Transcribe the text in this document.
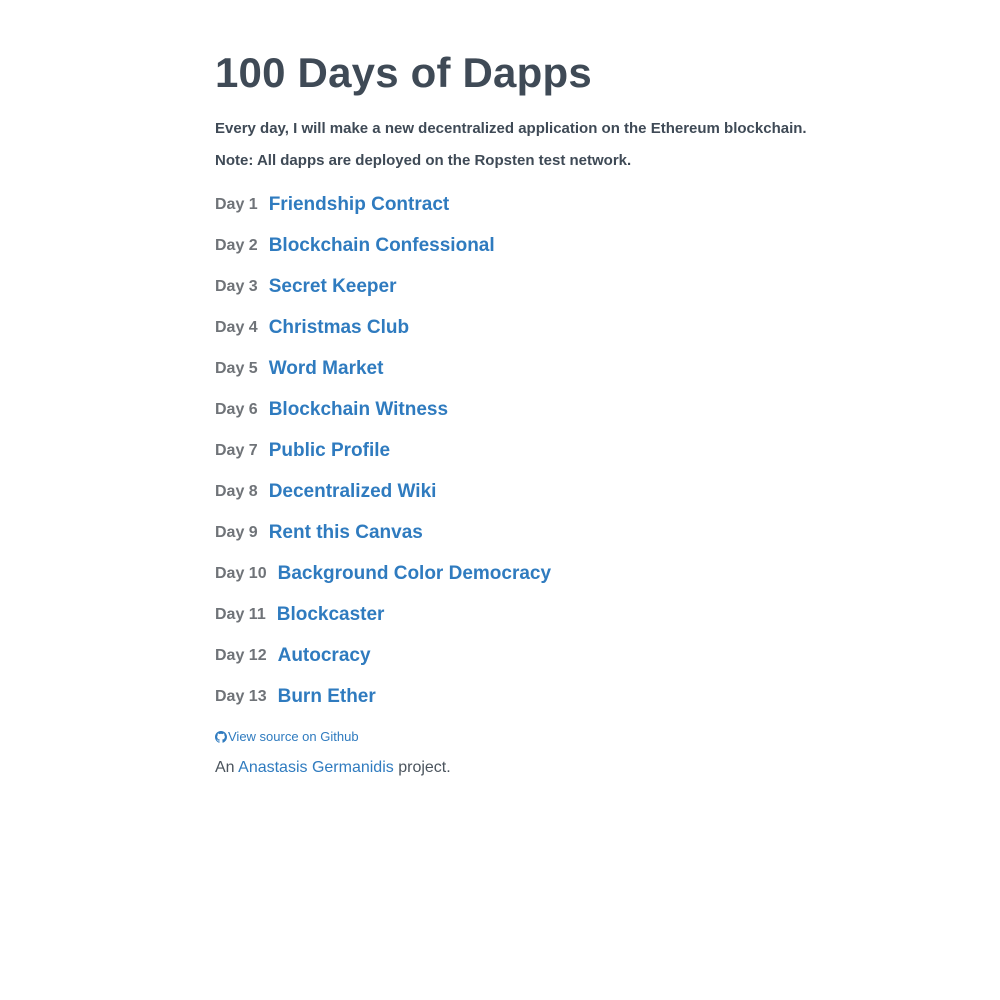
100 Days of Dapps

Every day, I will make a new decentralized application on the Ethereum blockchain.

Note: All dapps are deployed on the Ropsten test network.

Day 1 Friendship Contract
Day 2 Blockchain Confessional
Day 3 Secret Keeper
Day 4 Christmas Club
Day 5 Word Market
Day 6 Blockchain Witness
Day 7 Public Profile
Day 8 Decentralized Wiki
Day 9 Rent this Canvas
Day 10 Background Color Democracy
Day 11 Blockcaster
Day 12 Autocracy
Day 13 Burn Ether
View source on Github
An Anastasis Germanidis project.
